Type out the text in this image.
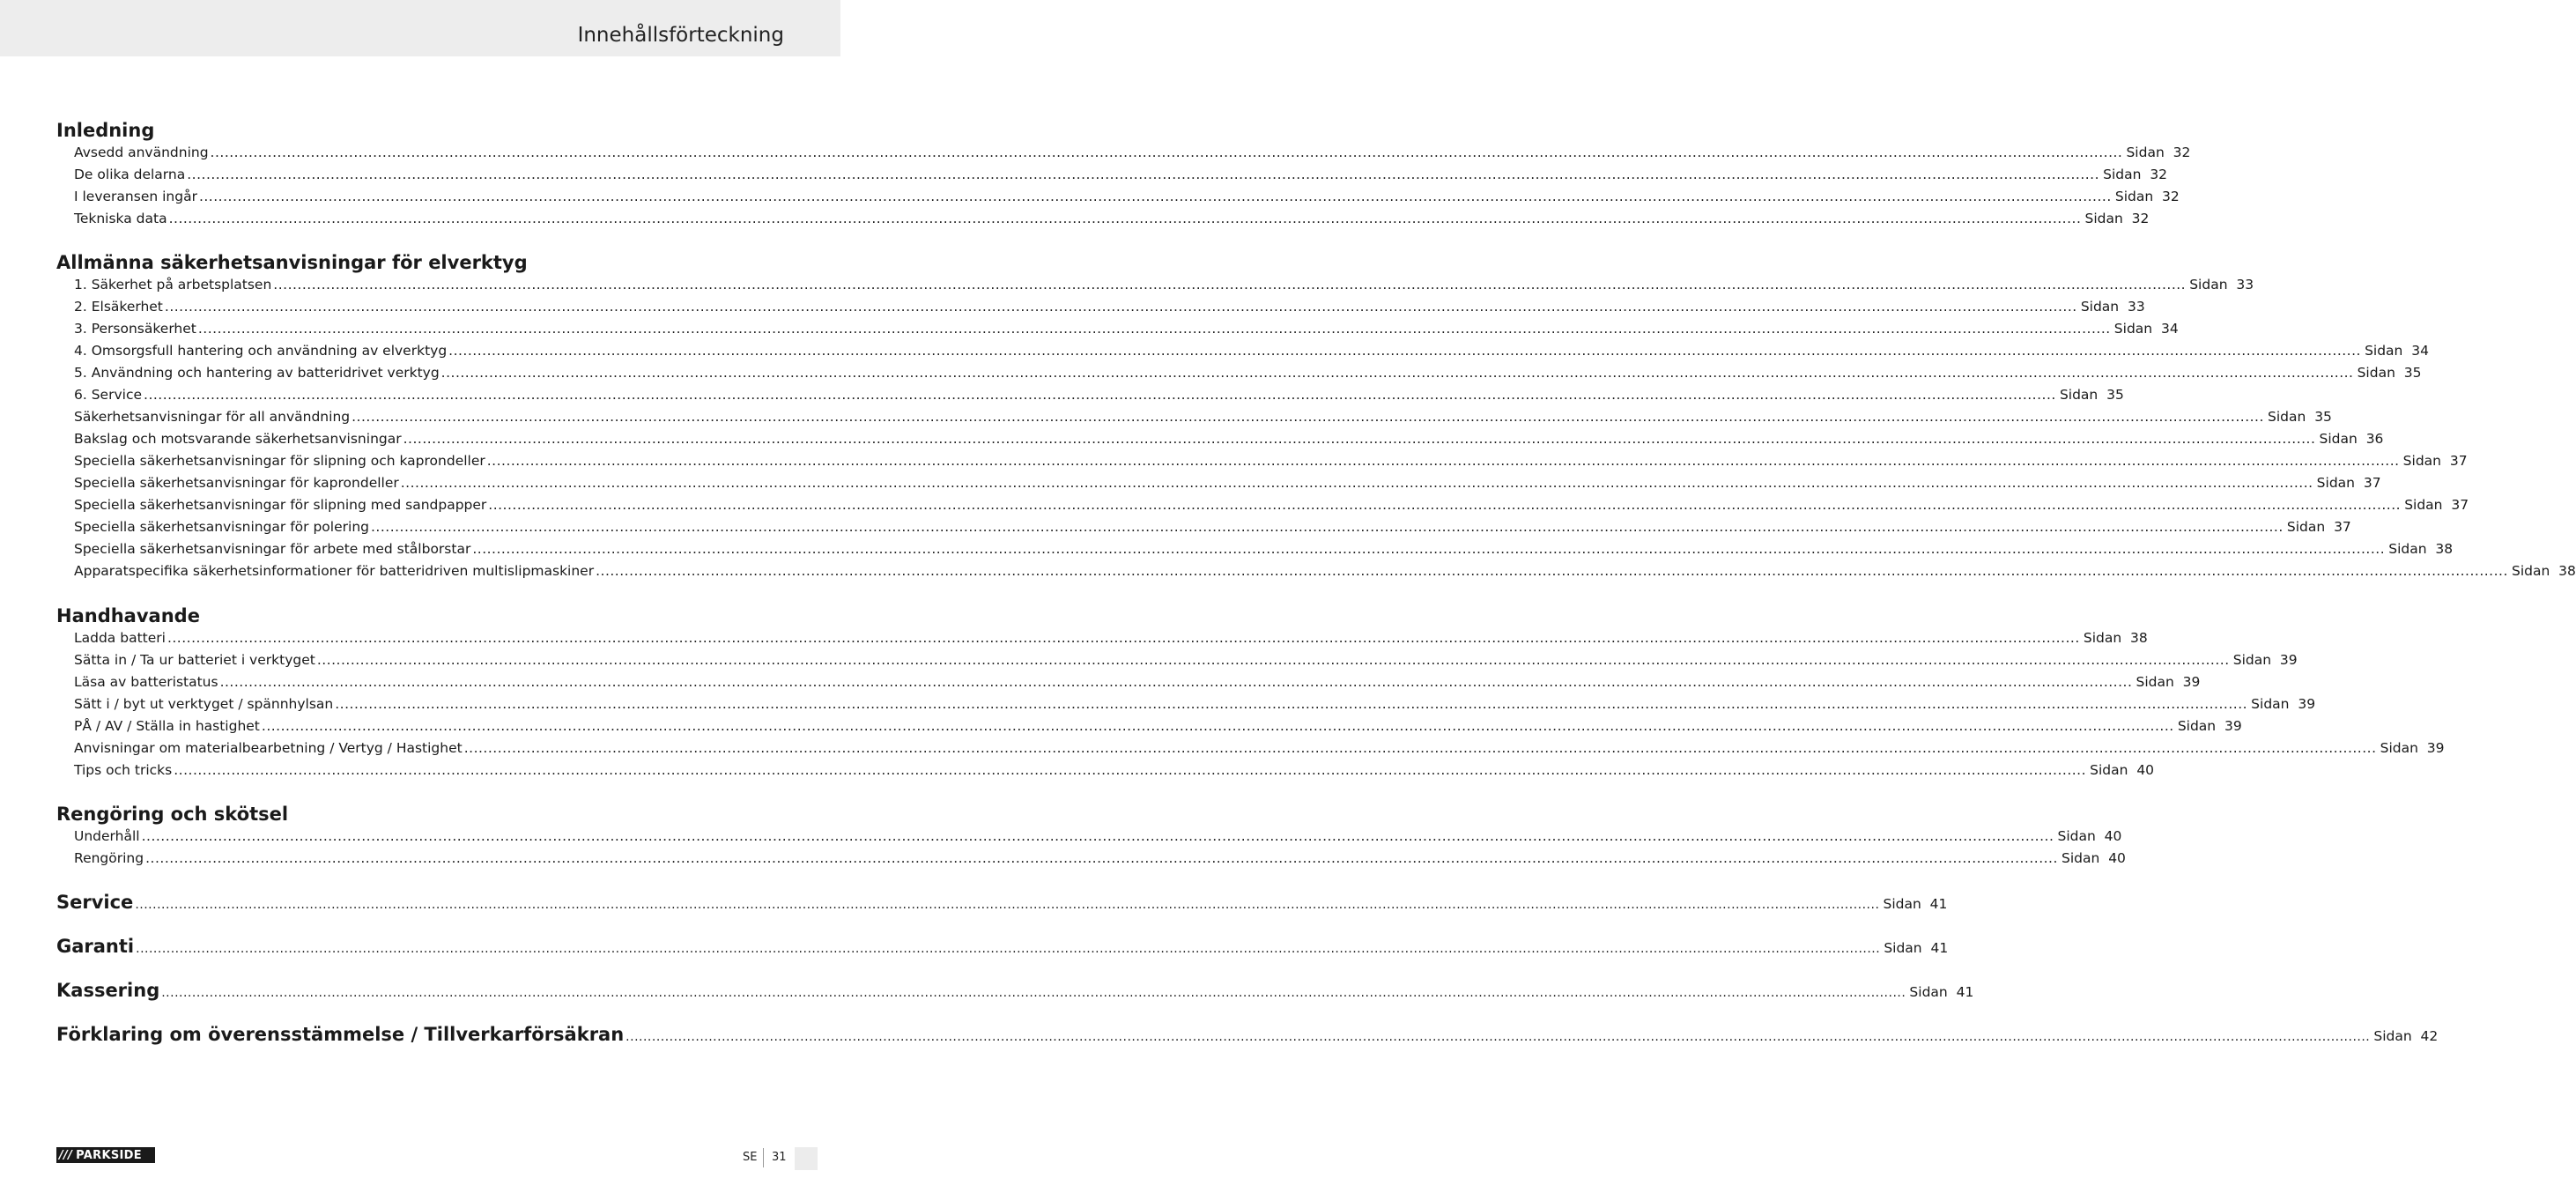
Innehållsförteckning
Inledning
Avsedd användning ................................................................................................................................................................................................................................................................................................................................................................................................................ Sidan  32
De olika delarna ................................................................................................................................................................................................................................................................................................................................................................................................................ Sidan  32
I leveransen ingår ................................................................................................................................................................................................................................................................................................................................................................................................................ Sidan  32
Tekniska data ................................................................................................................................................................................................................................................................................................................................................................................................................ Sidan  32
Allmänna säkerhetsanvisningar för elverktyg
1. Säkerhet på arbetsplatsen ................................................................................................................................................................................................................................................................................................................................................................................................................ Sidan  33
2. Elsäkerhet ................................................................................................................................................................................................................................................................................................................................................................................................................ Sidan  33
3. Personsäkerhet ................................................................................................................................................................................................................................................................................................................................................................................................................ Sidan  34
4. Omsorgsfull hantering och användning av elverktyg ................................................................................................................................................................................................................................................................................................................................................................................................................ Sidan  34
5. Användning och hantering av batteridrivet verktyg ................................................................................................................................................................................................................................................................................................................................................................................................................ Sidan  35
6. Service ................................................................................................................................................................................................................................................................................................................................................................................................................ Sidan  35
Säkerhetsanvisningar för all användning ................................................................................................................................................................................................................................................................................................................................................................................................................ Sidan  35
Bakslag och motsvarande säkerhetsanvisningar ................................................................................................................................................................................................................................................................................................................................................................................................................ Sidan  36
Speciella säkerhetsanvisningar för slipning och kaprondeller ................................................................................................................................................................................................................................................................................................................................................................................................................ Sidan  37
Speciella säkerhetsanvisningar för kaprondeller ................................................................................................................................................................................................................................................................................................................................................................................................................ Sidan  37
Speciella säkerhetsanvisningar för slipning med sandpapper ................................................................................................................................................................................................................................................................................................................................................................................................................ Sidan  37
Speciella säkerhetsanvisningar för polering ................................................................................................................................................................................................................................................................................................................................................................................................................ Sidan  37
Speciella säkerhetsanvisningar för arbete med stålborstar ................................................................................................................................................................................................................................................................................................................................................................................................................ Sidan  38
Apparatspecifika säkerhetsinformationer för batteridriven multislipmaskiner ................................................................................................................................................................................................................................................................................................................................................................................................................ Sidan  38
Handhavande
Ladda batteri ................................................................................................................................................................................................................................................................................................................................................................................................................ Sidan  38
Sätta in / Ta ur batteriet i verktyget ................................................................................................................................................................................................................................................................................................................................................................................................................ Sidan  39
Läsa av batteristatus ................................................................................................................................................................................................................................................................................................................................................................................................................ Sidan  39
Sätt i / byt ut verktyget / spännhylsan ................................................................................................................................................................................................................................................................................................................................................................................................................ Sidan  39
PÅ / AV / Ställa in hastighet ................................................................................................................................................................................................................................................................................................................................................................................................................ Sidan  39
Anvisningar om materialbearbetning / Vertyg / Hastighet ................................................................................................................................................................................................................................................................................................................................................................................................................ Sidan  39
Tips och tricks ................................................................................................................................................................................................................................................................................................................................................................................................................ Sidan  40
Rengöring och skötsel
Underhåll ................................................................................................................................................................................................................................................................................................................................................................................................................ Sidan  40
Rengöring ................................................................................................................................................................................................................................................................................................................................................................................................................ Sidan  40
Service ................................................................................................................................................................................................................................................................................................................................................................................................................ Sidan  41
Garanti ................................................................................................................................................................................................................................................................................................................................................................................................................ Sidan  41
Kassering ................................................................................................................................................................................................................................................................................................................................................................................................................ Sidan  41
Förklaring om överensstämmelse / Tillverkarförsäkran ................................................................................................................................................................................................................................................................................................................................................................................................................ Sidan  42
/// PARKSIDE	SE 31
